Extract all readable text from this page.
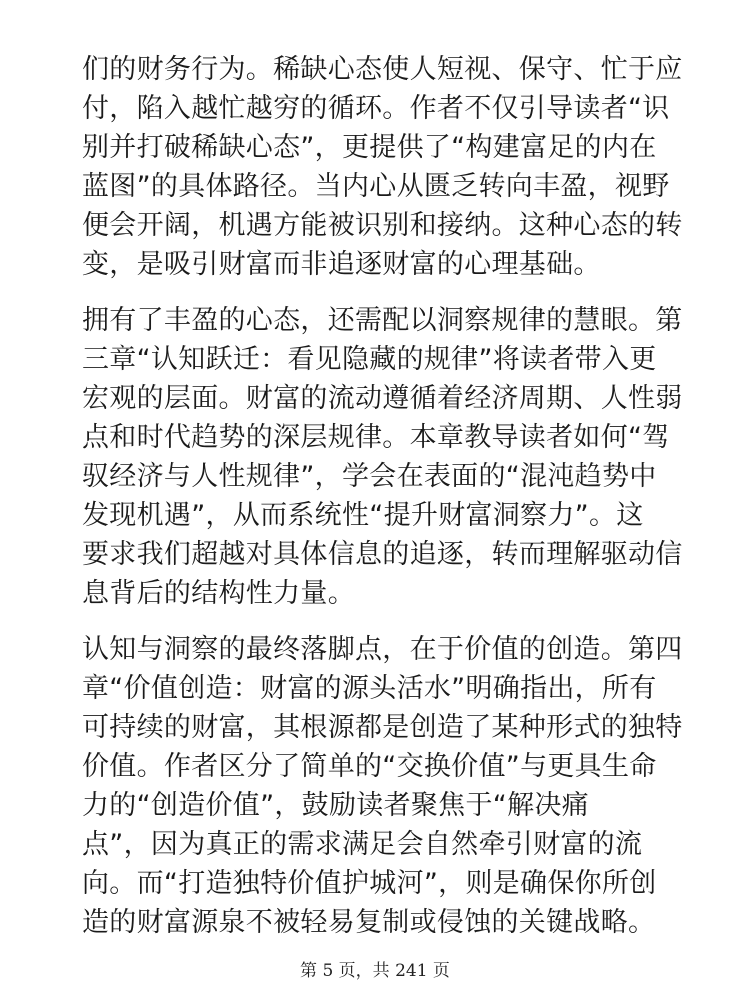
们的财务行为。稀缺心态使人短视、保守、忙于应
付，陷入越忙越穷的循环。作者不仅引导读者“识
别并打破稀缺心态”，更提供了“构建富足的内在
蓝图”的具体路径。当内心从匮乏转向丰盈，视野
便会开阔，机遇方能被识别和接纳。这种心态的转
变，是吸引财富而非追逐财富的心理基础。
拥有了丰盈的心态，还需配以洞察规律的慧眼。第
三章“认知跃迁：看见隐藏的规律”将读者带入更
宏观的层面。财富的流动遵循着经济周期、人性弱
点和时代趋势的深层规律。本章教导读者如何“驾
驭经济与人性规律”，学会在表面的“混沌趋势中
发现机遇”，从而系统性“提升财富洞察力”。这
要求我们超越对具体信息的追逐，转而理解驱动信
息背后的结构性力量。
认知与洞察的最终落脚点，在于价值的创造。第四
章“价值创造：财富的源头活水”明确指出，所有
可持续的财富，其根源都是创造了某种形式的独特
价值。作者区分了简单的“交换价值”与更具生命
力的“创造价值”，鼓励读者聚焦于“解决痛
点”，因为真正的需求满足会自然牵引财富的流
向。而“打造独特价值护城河”，则是确保你所创
造的财富源泉不被轻易复制或侵蚀的关键战略。
第 5 页，共 241 页
